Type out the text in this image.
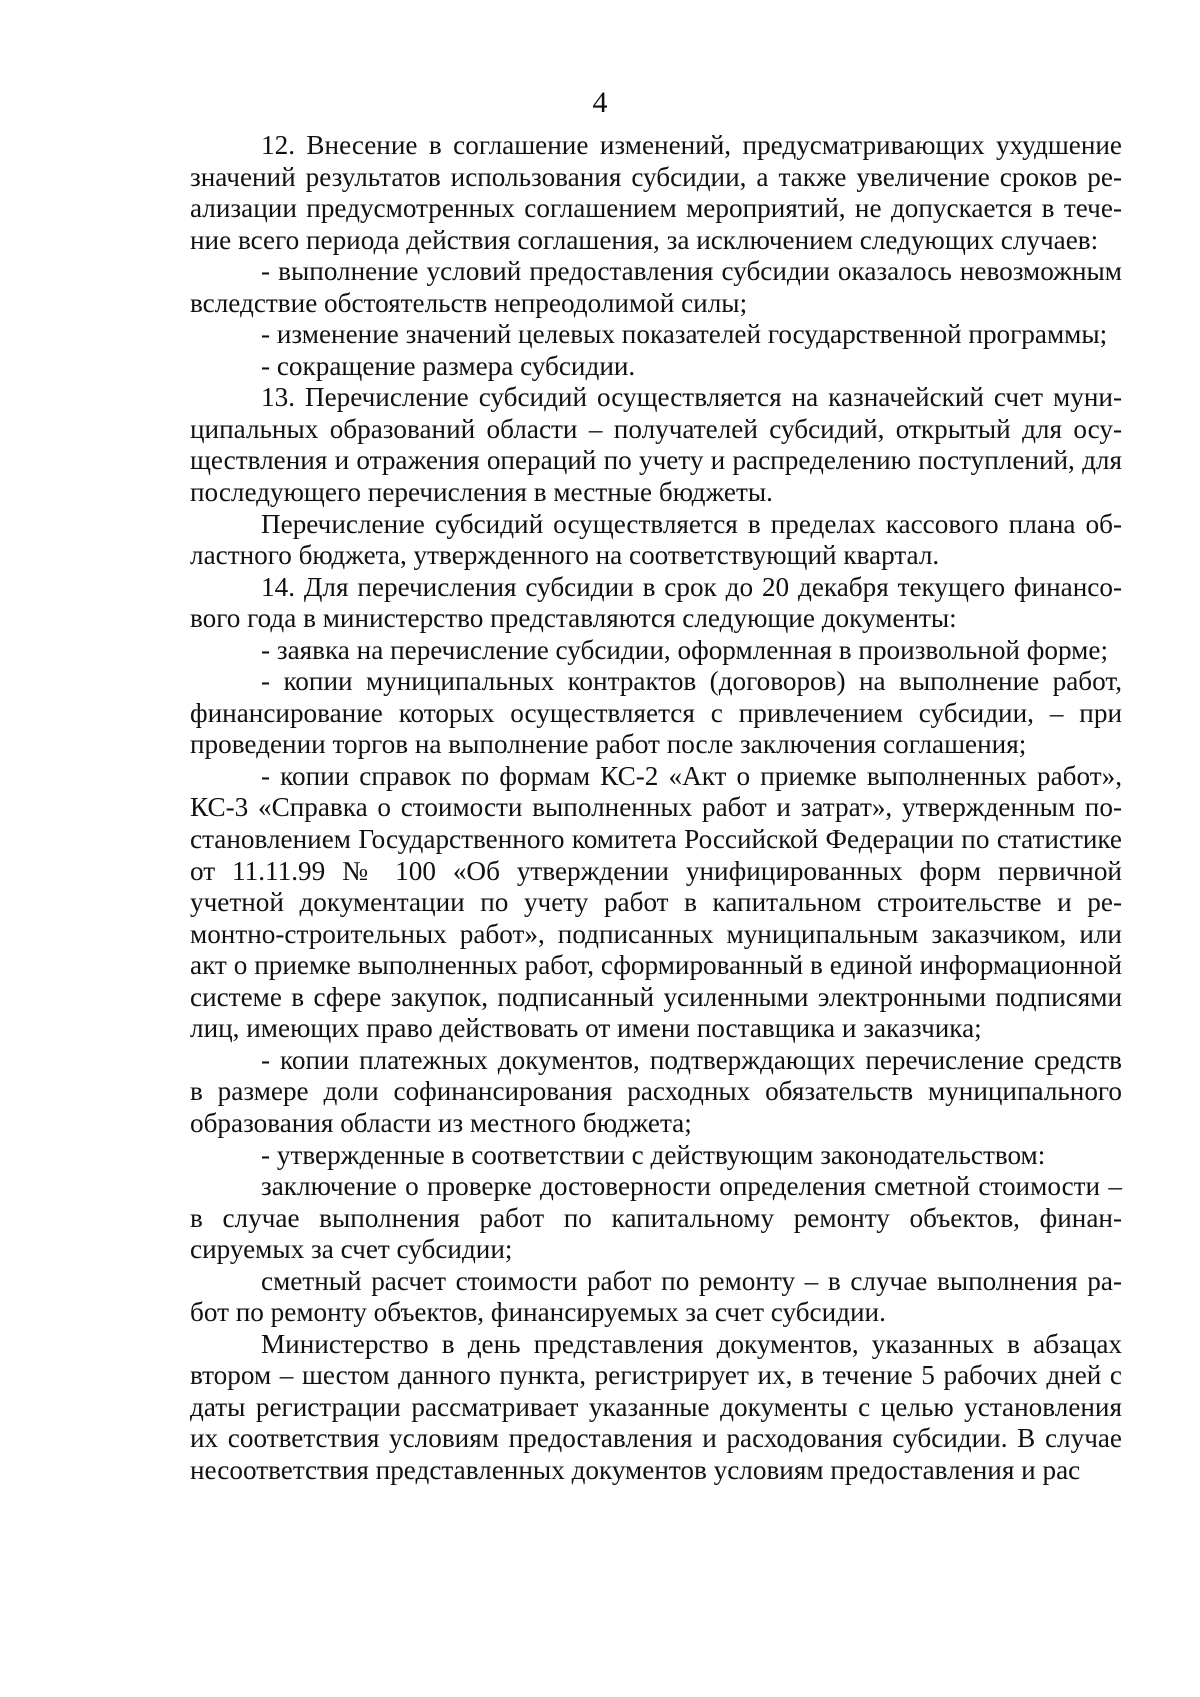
4

12. Внесение в соглашение изменений, предусматривающих ухудшение значений результатов использования субсидии, а также увеличение сроков реализации предусмотренных соглашением мероприятий, не допускается в течение всего периода действия соглашения, за исключением следующих случаев:

- выполнение условий предоставления субсидии оказалось невозможным вследствие обстоятельств непреодолимой силы;

- изменение значений целевых показателей государственной программы;

- сокращение размера субсидии.

13. Перечисление субсидий осуществляется на казначейский счет муниципальных образований области – получателей субсидий, открытый для осуществления и отражения операций по учету и распределению поступлений, для последующего перечисления в местные бюджеты.

Перечисление субсидий осуществляется в пределах кассового плана областного бюджета, утвержденного на соответствующий квартал.

14. Для перечисления субсидии в срок до 20 декабря текущего финансового года в министерство представляются следующие документы:

- заявка на перечисление субсидии, оформленная в произвольной форме;

- копии муниципальных контрактов (договоров) на выполнение работ, финансирование которых осуществляется с привлечением субсидии, – при проведении торгов на выполнение работ после заключения соглашения;

- копии справок по формам КС-2 «Акт о приемке выполненных работ», КС-3 «Справка о стоимости выполненных работ и затрат», утвержденным постановлением Государственного комитета Российской Федерации по статистике от 11.11.99 № 100 «Об утверждении унифицированных форм первичной учетной документации по учету работ в капитальном строительстве и ремонтно-строительных работ», подписанных муниципальным заказчиком, или акт о приемке выполненных работ, сформированный в единой информационной системе в сфере закупок, подписанный усиленными электронными подписями лиц, имеющих право действовать от имени поставщика и заказчика;

- копии платежных документов, подтверждающих перечисление средств в размере доли софинансирования расходных обязательств муниципального образования области из местного бюджета;

- утвержденные в соответствии с действующим законодательством:

заключение о проверке достоверности определения сметной стоимости – в случае выполнения работ по капитальному ремонту объектов, финансируемых за счет субсидии;

сметный расчет стоимости работ по ремонту – в случае выполнения работ по ремонту объектов, финансируемых за счет субсидии.

Министерство в день представления документов, указанных в абзацах втором – шестом данного пункта, регистрирует их, в течение 5 рабочих дней с даты регистрации рассматривает указанные документы с целью установления их соответствия условиям предоставления и расходования субсидии. В случае несоответствия представленных документов условиям предоставления и рас
